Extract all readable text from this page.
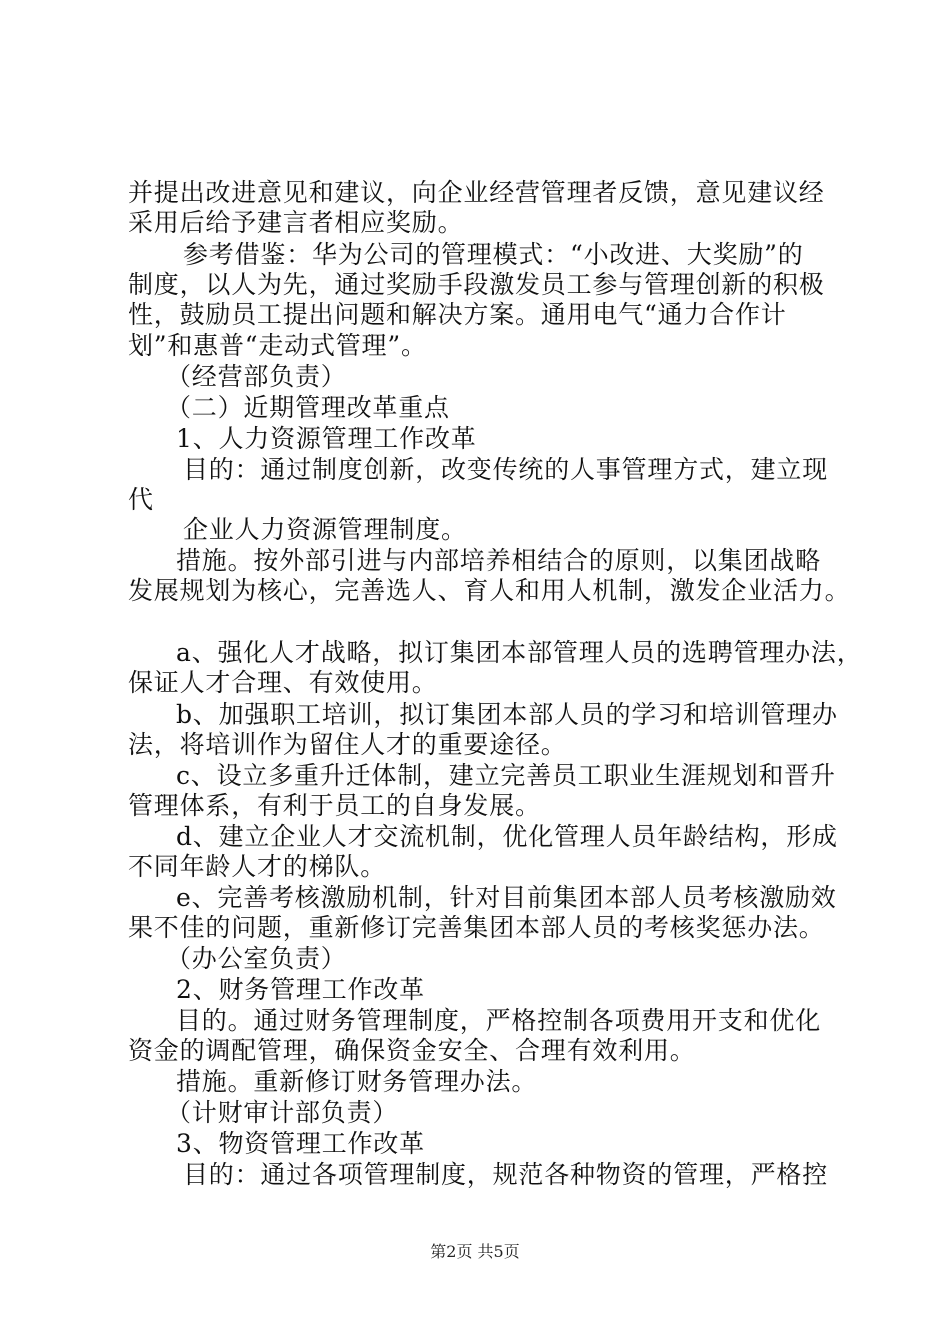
并提出改进意见和建议，向企业经营管理者反馈，意见建议经
采用后给予建言者相应奖励。
参考借鉴：华为公司的管理模式：“小改进、大奖励”的
制度，以人为先，通过奖励手段激发员工参与管理创新的积极
性，鼓励员工提出问题和解决方案。通用电气“通力合作计
划”和惠普“走动式管理”。
（经营部负责）
（二）近期管理改革重点
1、人力资源管理工作改革
目的：通过制度创新，改变传统的人事管理方式，建立现
代
企业人力资源管理制度。
措施。按外部引进与内部培养相结合的原则，以集团战略
发展规划为核心，完善选人、育人和用人机制，激发企业活力。
a、强化人才战略，拟订集团本部管理人员的选聘管理办法，
保证人才合理、有效使用。
b、加强职工培训，拟订集团本部人员的学习和培训管理办
法，将培训作为留住人才的重要途径。
c、设立多重升迁体制，建立完善员工职业生涯规划和晋升
管理体系，有利于员工的自身发展。
d、建立企业人才交流机制，优化管理人员年龄结构，形成
不同年龄人才的梯队。
e、完善考核激励机制，针对目前集团本部人员考核激励效
果不佳的问题，重新修订完善集团本部人员的考核奖惩办法。
（办公室负责）
2、财务管理工作改革
目的。通过财务管理制度，严格控制各项费用开支和优化
资金的调配管理，确保资金安全、合理有效利用。
措施。重新修订财务管理办法。
（计财审计部负责）
3、物资管理工作改革
目的：通过各项管理制度，规范各种物资的管理，严格控
第2页 共5页
